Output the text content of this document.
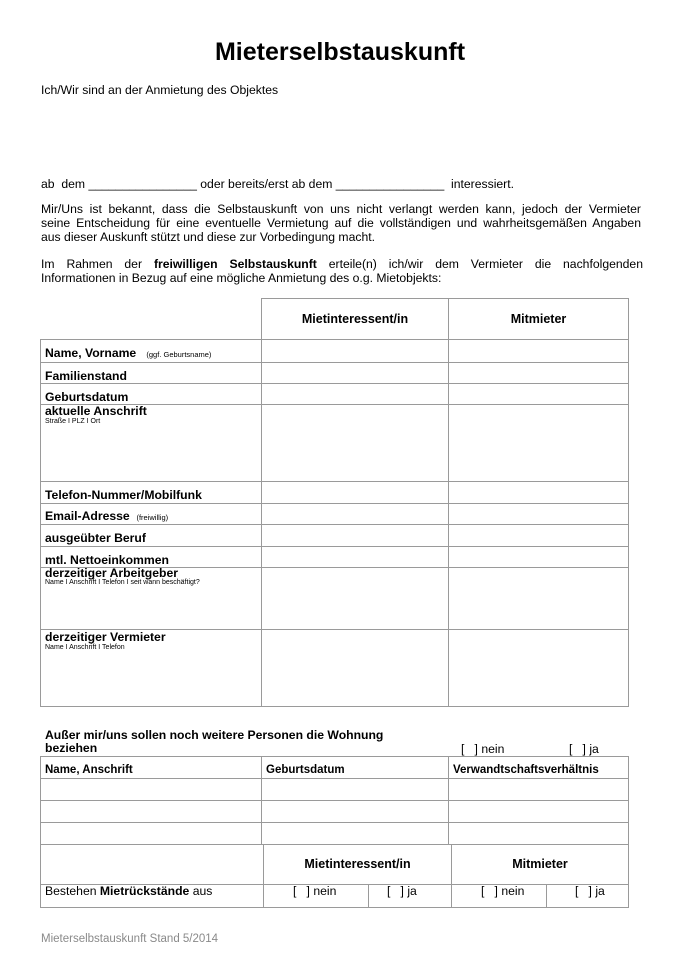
Mieterselbstauskunft
Ich/Wir sind an der Anmietung des Objektes
ab  dem ________________ oder bereits/erst ab dem ________________ interessiert.
Mir/Uns ist bekannt, dass die Selbstauskunft von uns nicht verlangt werden kann, jedoch der Vermieter
seine Entscheidung für eine eventuelle Vermietung auf die vollständigen und wahrheitsgemäßen Angaben
aus dieser Auskunft stützt und diese zur Vorbedingung macht.
Im Rahmen der freiwilligen Selbstauskunft erteile(n) ich/wir dem Vermieter die nachfolgenden
Informationen in Bezug auf eine mögliche Anmietung des o.g. Mietobjekts:
Mietinteressent/in	Mitmieter
Name, Vorname (ggf. Geburtsname)
Familienstand
Geburtsdatum
aktuelle Anschrift
Straße I PLZ I Ort
Telefon-Nummer/Mobilfunk
Email-Adresse (freiwillig)
ausgeübter Beruf
mtl. Nettoeinkommen
derzeitiger Arbeitgeber
Name I Anschrift I Telefon I seit wann beschäftigt?
derzeitiger Vermieter
Name I Anschrift I Telefon
Außer mir/uns sollen noch weitere Personen die Wohnung
beziehen	[   ] nein	[   ] ja
Name, Anschrift	Geburtsdatum	Verwandtschaftsverhältnis
Mietinteressent/in	Mitmieter
Bestehen Mietrückstände aus	[   ] nein	[   ] ja	[   ] nein	[   ] ja
Mieterselbstauskunft Stand 5/2014
